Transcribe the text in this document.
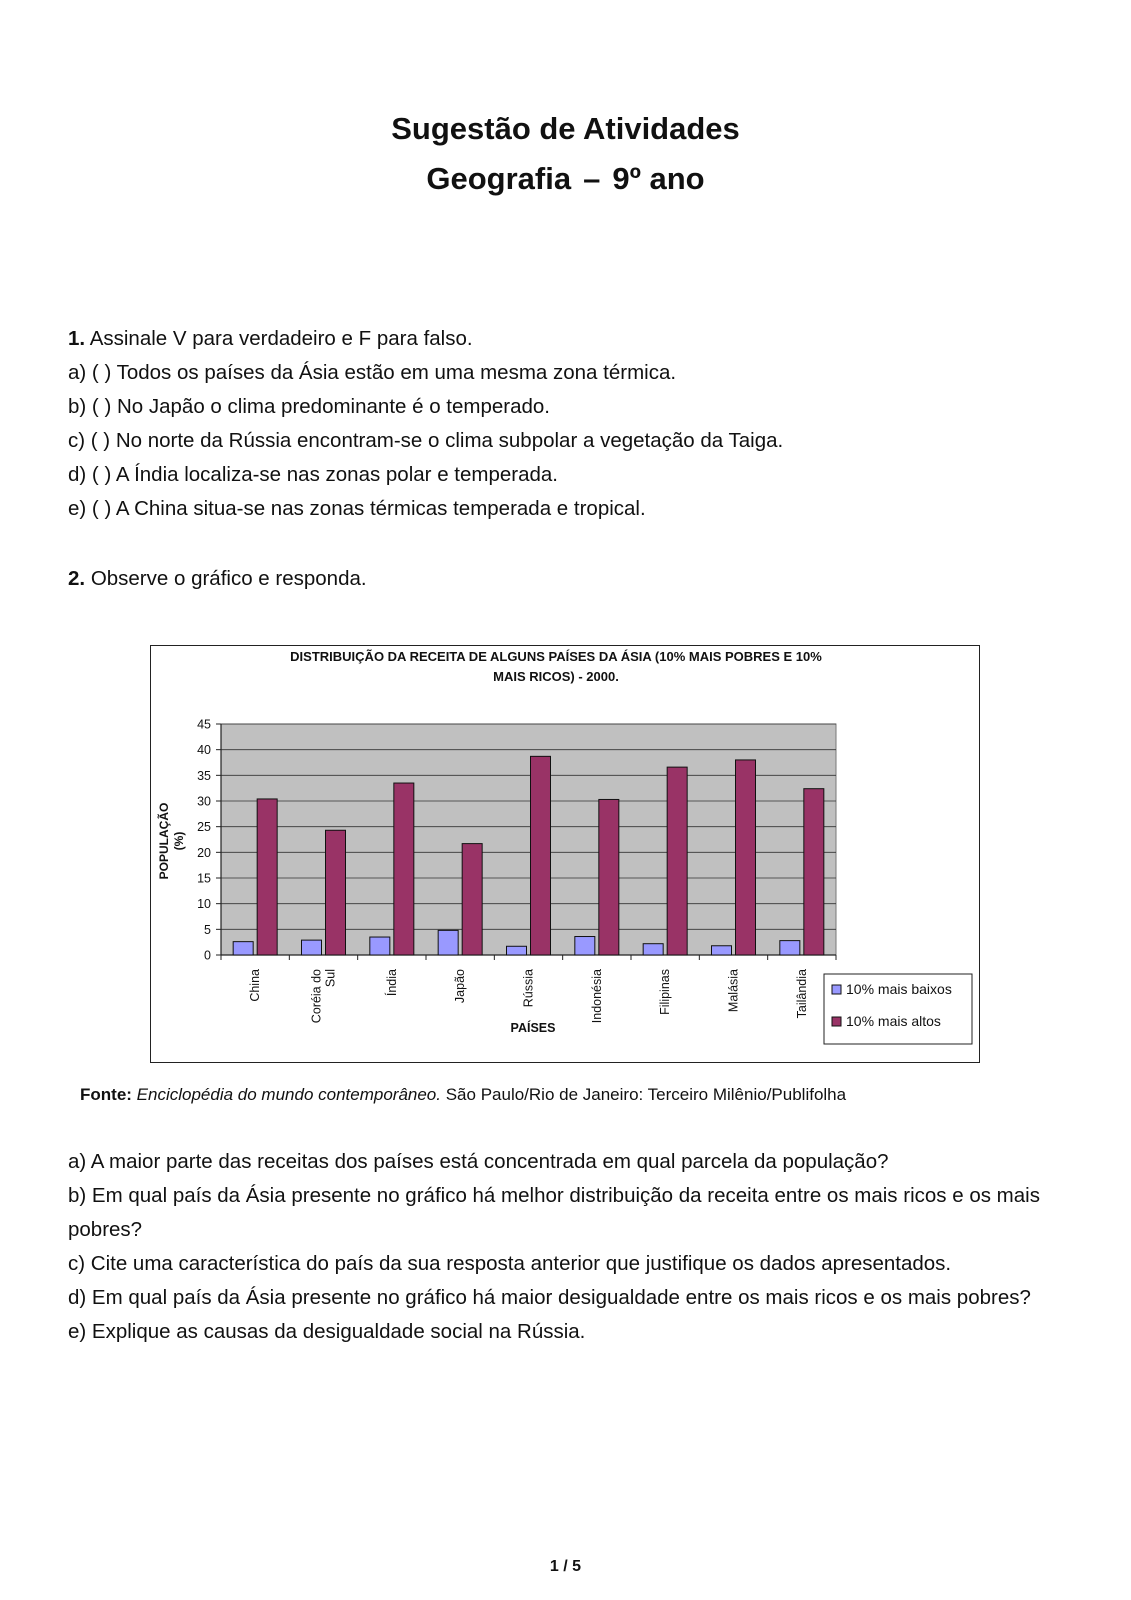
Sugestão de Atividades
Geografia – 9º ano

1. Assinale V para verdadeiro e F para falso.

a) ( ) Todos os países da Ásia estão em uma mesma zona térmica.

b) ( ) No Japão o clima predominante é o temperado.

c) ( ) No norte da Rússia encontram-se o clima subpolar a vegetação da Taiga.

d) ( ) A Índia localiza-se nas zonas polar e temperada.

e) ( ) A China situa-se nas zonas térmicas temperada e tropical.

2. Observe o gráfico e responda.
DISTRIBUIÇÃO DA RECEITA DE ALGUNS PAÍSES DA ÁSIA (10% MAIS POBRES E 10%
MAIS RICOS) - 2000.
0
5
10
15
20
25
30
35
40
45
China	Coréia do Sul	Índia	Japão	Rússia	Indonésia	Filipinas	Malásia	Tailândia
PAÍSES
POPULAÇÃO (%)
10% mais baixos
10% mais altos
Fonte: Enciclopédia do mundo contemporâneo. São Paulo/Rio de Janeiro: Terceiro Milênio/Publifolha

a) A maior parte das receitas dos países está concentrada em qual parcela da população?

b) Em qual país da Ásia presente no gráfico há melhor distribuição da receita entre os mais ricos e os mais pobres?

c) Cite uma característica do país da sua resposta anterior que justifique os dados apresentados.

d) Em qual país da Ásia presente no gráfico há maior desigualdade entre os mais ricos e os mais pobres?

e) Explique as causas da desigualdade social na Rússia.

1 / 5
